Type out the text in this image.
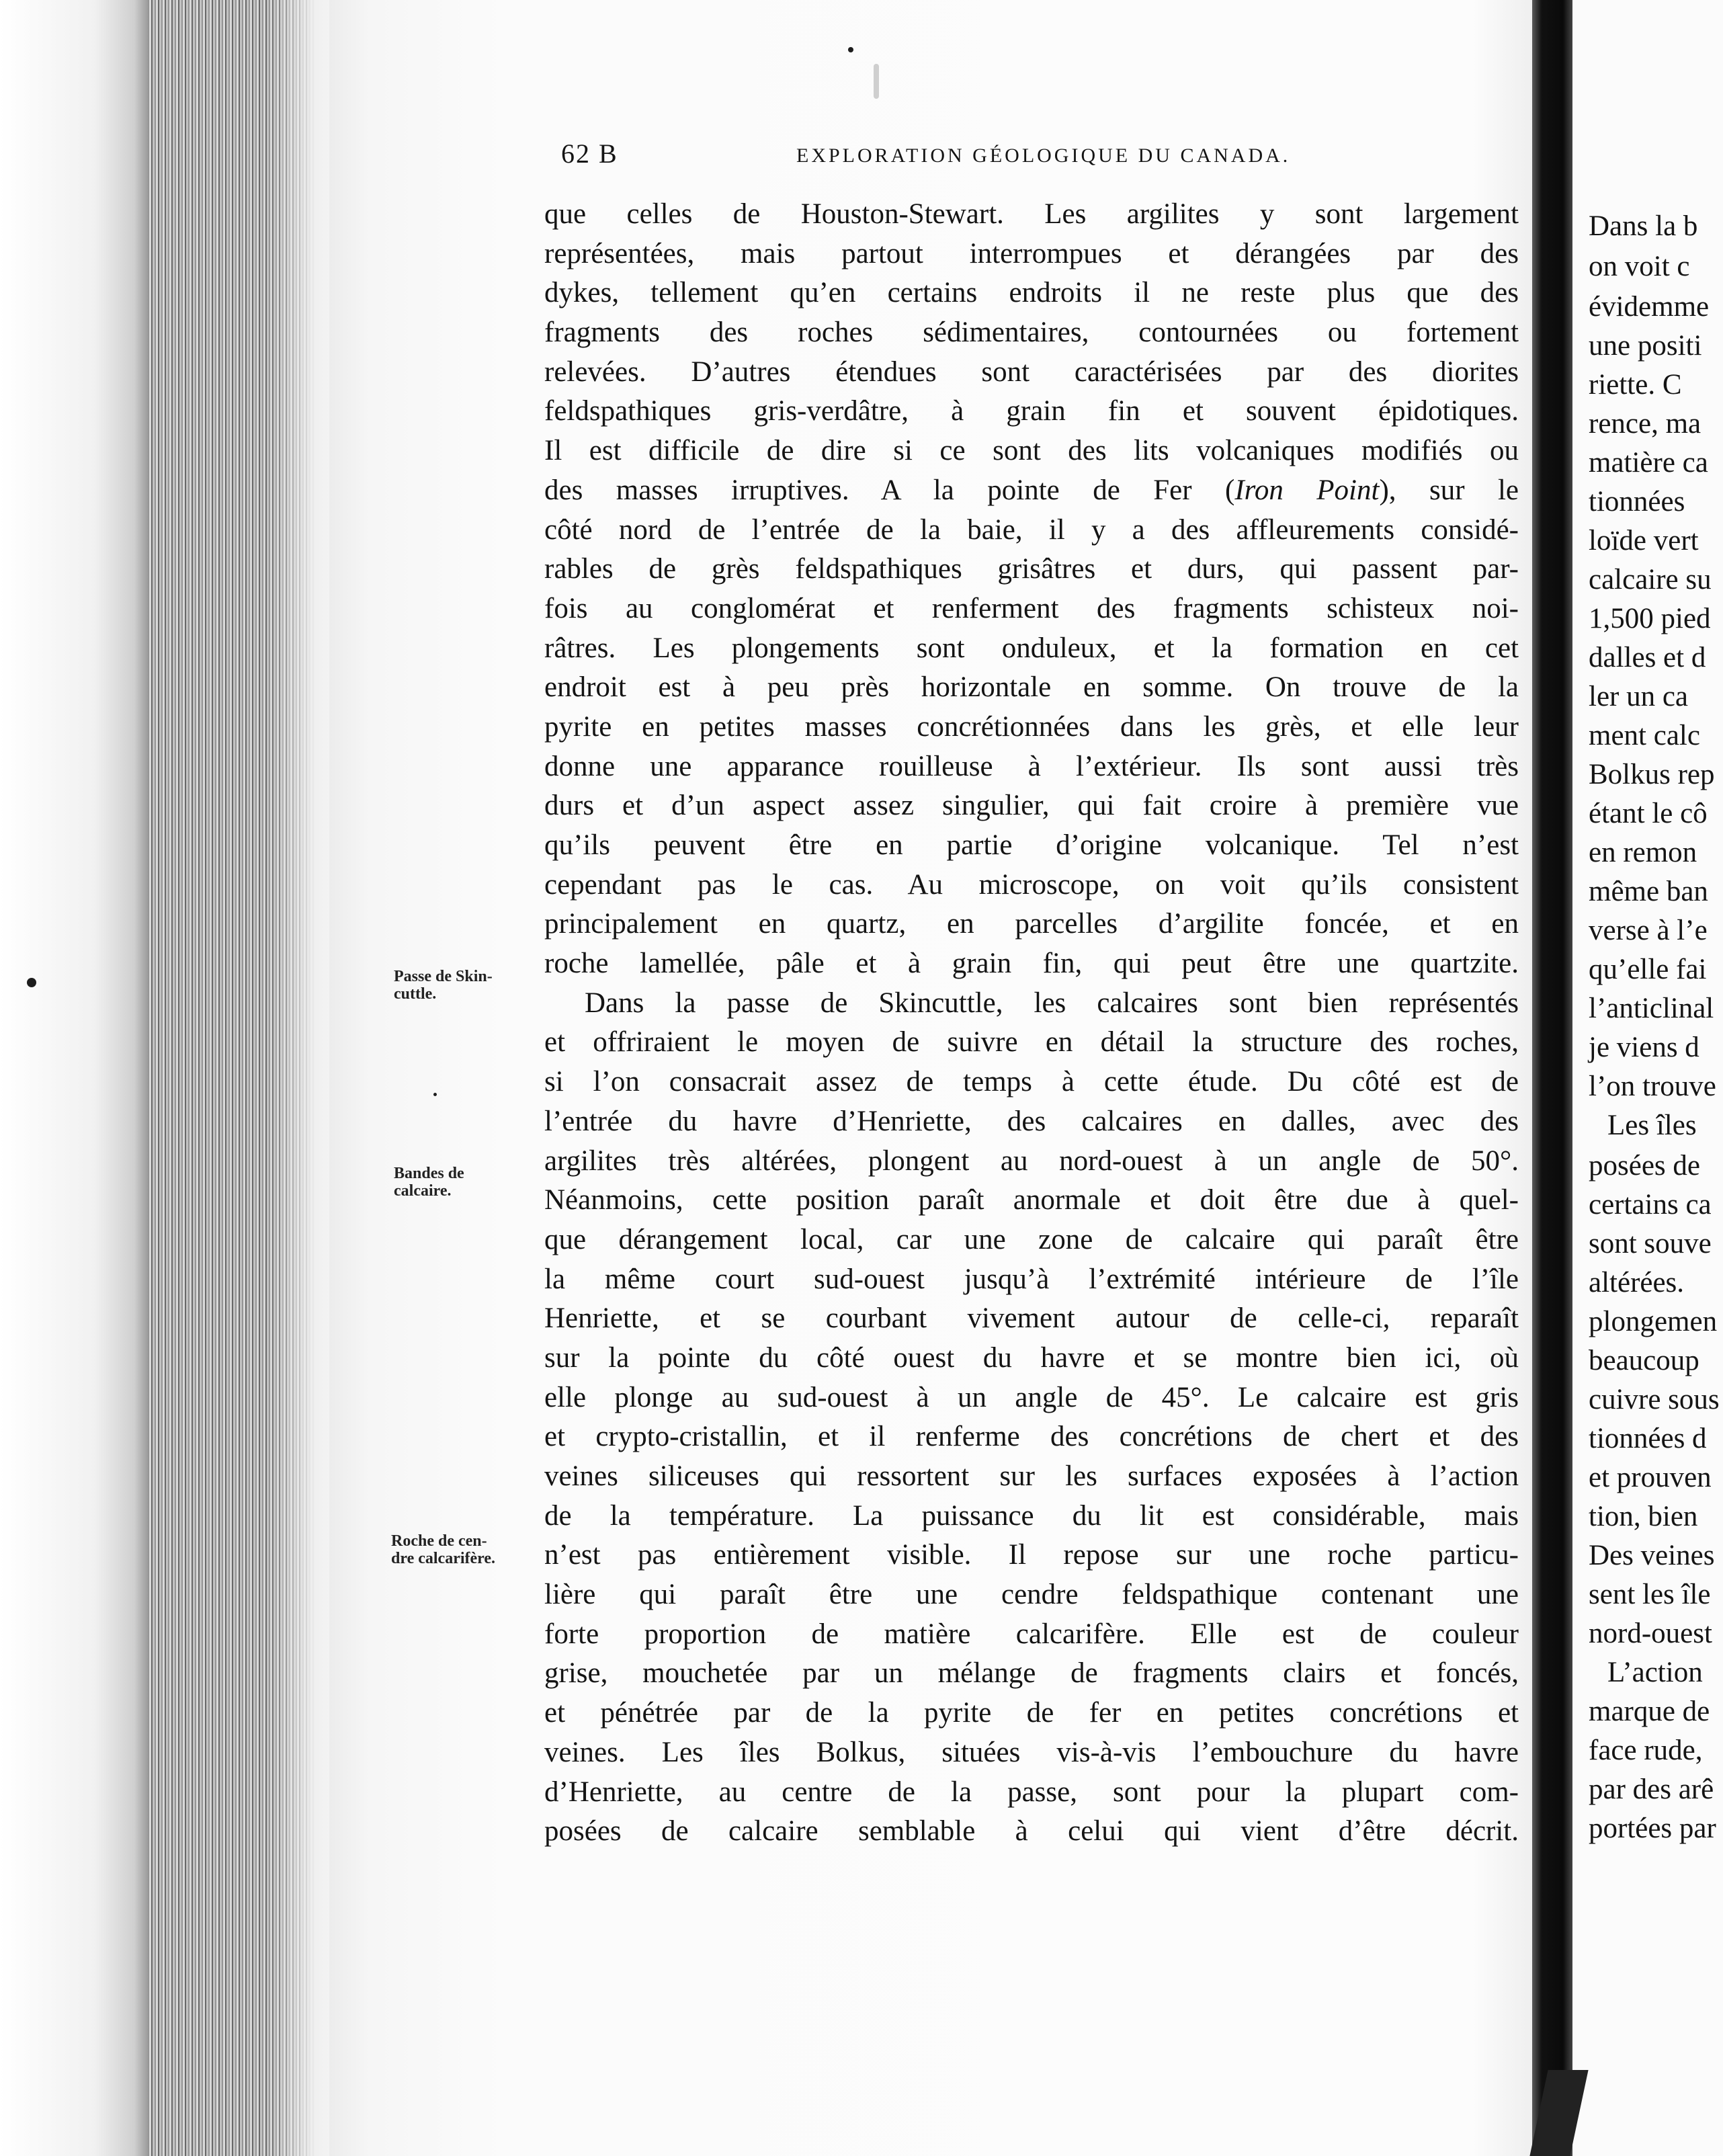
62 B	EXPLORATION GÉOLOGIQUE DU CANADA.
que celles de Houston-Stewart. Les argilites y sont largement
représentées, mais partout interrompues et dérangées par des
dykes, tellement qu’en certains endroits il ne reste plus que des
fragments des roches sédimentaires, contournées ou fortement
relevées. D’autres étendues sont caractérisées par des diorites
feldspathiques gris-verdâtre, à grain fin et souvent épidotiques.
Il est difficile de dire si ce sont des lits volcaniques modifiés ou
des masses irruptives. A la pointe de Fer (Iron Point), sur le
côté nord de l’entrée de la baie, il y a des affleurements considé-
rables de grès feldspathiques grisâtres et durs, qui passent par-
fois au conglomérat et renferment des fragments schisteux noi-
râtres. Les plongements sont onduleux, et la formation en cet
endroit est à peu près horizontale en somme. On trouve de la
pyrite en petites masses concrétionnées dans les grès, et elle leur
donne une apparance rouilleuse à l’extérieur. Ils sont aussi très
durs et d’un aspect assez singulier, qui fait croire à première vue
qu’ils peuvent être en partie d’origine volcanique. Tel n’est
cependant pas le cas. Au microscope, on voit qu’ils consistent
principalement en quartz, en parcelles d’argilite foncée, et en
roche lamellée, pâle et à grain fin, qui peut être une quartzite.
Dans la passe de Skincuttle, les calcaires sont bien représentés
et offriraient le moyen de suivre en détail la structure des roches,
si l’on consacrait assez de temps à cette étude. Du côté est de
l’entrée du havre d’Henriette, des calcaires en dalles, avec des
argilites très altérées, plongent au nord-ouest à un angle de 50°.
Néanmoins, cette position paraît anormale et doit être due à quel-
que dérangement local, car une zone de calcaire qui paraît être
la même court sud-ouest jusqu’à l’extrémité intérieure de l’île
Henriette, et se courbant vivement autour de celle-ci, reparaît
sur la pointe du côté ouest du havre et se montre bien ici, où
elle plonge au sud-ouest à un angle de 45°. Le calcaire est gris
et crypto-cristallin, et il renferme des concrétions de chert et des
veines siliceuses qui ressortent sur les surfaces exposées à l’action
de la température. La puissance du lit est considérable, mais
n’est pas entièrement visible. Il repose sur une roche particu-
lière qui paraît être une cendre feldspathique contenant une
forte proportion de matière calcarifère. Elle est de couleur
grise, mouchetée par un mélange de fragments clairs et foncés,
et pénétrée par de la pyrite de fer en petites concrétions et
veines. Les îles Bolkus, situées vis-à-vis l’embouchure du havre
d’Henriette, au centre de la passe, sont pour la plupart com-
posées de calcaire semblable à celui qui vient d’être décrit.
Passe de Skin-
cuttle.
Bandes de
calcaire.
Roche de cen-
dre calcarifère.
Dans la b
on voit c
évidemme
une positi
riette. C
rence, ma
matière ca
tionnées
loïde vert
calcaire su
1,500 pied
dalles et d
ler un ca
ment calc
Bolkus rep
étant le cô
en remon
même ban
verse à l’e
qu’elle fai
l’anticlinal
je viens d
l’on trouve
Les îles
posées de
certains ca
sont souve
altérées.
plongemen
beaucoup
cuivre sous
tionnées d
et prouven
tion, bien
Des veines
sent les île
nord-ouest
L’action
marque de
face rude,
par des arê
portées par
